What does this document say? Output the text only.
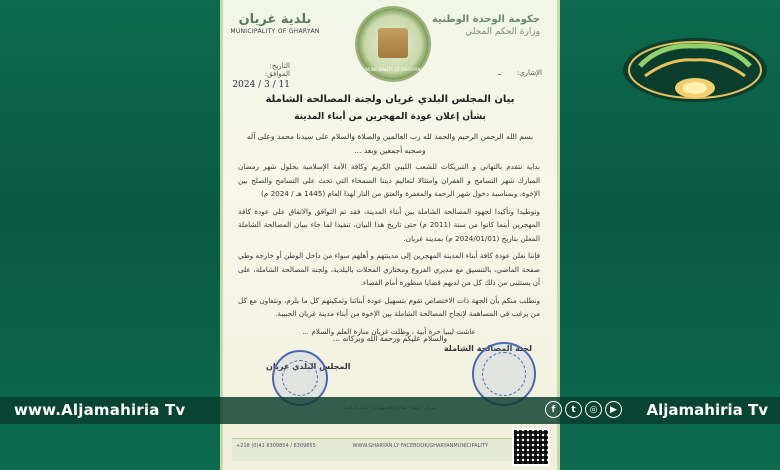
حكومة الوحدة الوطنية
وزارة الحكم المحلي
بلدية غريان
MUNICIPALITY OF GHARYAN
MUNICIPALITY OF GHARYAN
التاريخ:
الموافق:
2024 / 3 / 11
الإشاري: ـ
بيان المجلس البلدي غريان ولجنة المصالحة الشاملة
بشأن إعلان عودة المهجرين من أبناء المدينة
بسم الله الرحمن الرحيم والحمد لله رب العالمين والصلاة والسلام على سيدنا محمد وعلى آله وصحبه أجمعين وبعد ...

بداية نتقدم بالتهاني و التبريكات للشعب الليبي الكريم وكافة الأمة الإسلامية بحلول شهر رمضان المبارك شهر التسامح و الغفران وامتثالا لتعاليم ديننا السمحاء التي تحث على التسامح والصلح بين الإخوة، وبمناسبة دخول شهر الرحمة والمغفرة والعتق من النار لهذا العام (1445 هـ / 2024 م)

وتوطيدا وتأكيدا لجهود المصالحة الشاملة بين أبناء المدينة، فقد تم التوافق والاتفاق على عودة كافة المهجرين أينما كانوا من سنة (2011 م) حتى تاريخ هذا البيان، تنفيذا لما جاء ببيان المصالحة الشاملة المعلن بتاريخ (2024/01/01 م) بمدينة غريان.

فإننا نعلن عودة كافة أبناء المدينة المهجرين إلى مدينتهم و أهلهم سواء من داخل الوطن أو خارجه وطي صفحة الماضي، بالتنسيق مع مديري الفروع ومختاري المحلات بالبلدية، ولجنة المصالحة الشاملة، على أن يستثنى من ذلك كل من لديهم قضايا منظورة أمام القضاء.

ونطلب منكم بأن الجهة ذات الاختصاص تقوم بتسهيل عودة أبنائنا وتمكينهم كل ما يلزم، ونتعاون مع كل من يرغب في المساهمة لإنجاح المصالحة الشاملة بين الإخوة من أبناء مدينة غريان الحبيبة.

عاشت ليبيا حرة أبية ، وظلت غريان منارة العلم والسلام ...

والسلام عليكم ورحمة الله وبركاته ...
لجنة المصالحة الشاملة
المجلس البلدي غريان
+218 (0)41 6309854 / 6309855	WWW.GHARYAN.LY FACEBOOK/GHARYANMUNICIPALITY
www.Aljamahiria Tv	f	t	◎	▶	Aljamahiria Tv
